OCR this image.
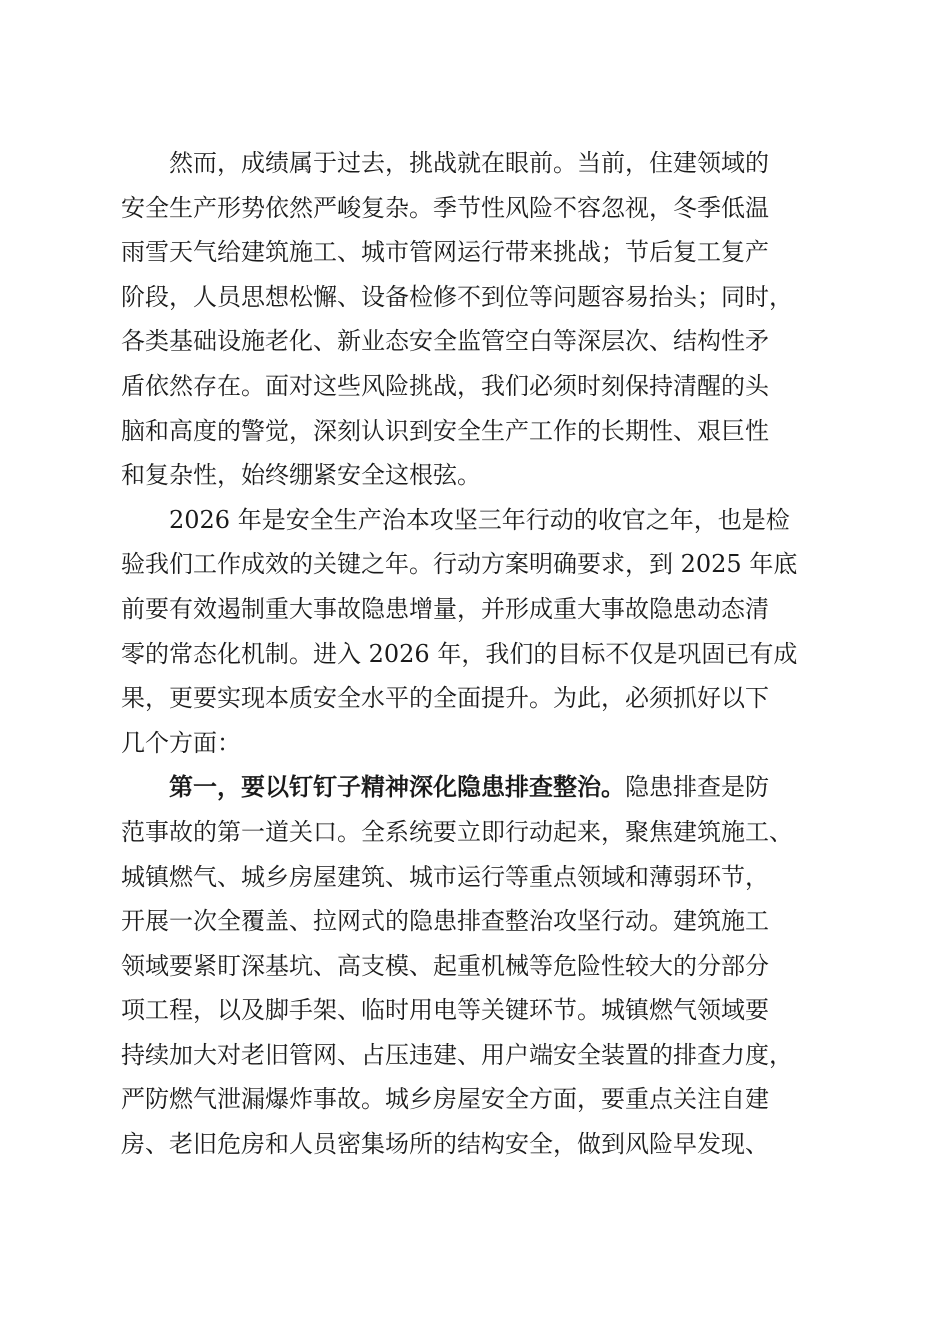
　　然而，成绩属于过去，挑战就在眼前。当前，住建领域的
安全生产形势依然严峻复杂。季节性风险不容忽视，冬季低温
雨雪天气给建筑施工、城市管网运行带来挑战；节后复工复产
阶段，人员思想松懈、设备检修不到位等问题容易抬头；同时，
各类基础设施老化、新业态安全监管空白等深层次、结构性矛
盾依然存在。面对这些风险挑战，我们必须时刻保持清醒的头
脑和高度的警觉，深刻认识到安全生产工作的长期性、艰巨性
和复杂性，始终绷紧安全这根弦。
　　2026 年是安全生产治本攻坚三年行动的收官之年，也是检
验我们工作成效的关键之年。行动方案明确要求，到 2025 年底
前要有效遏制重大事故隐患增量，并形成重大事故隐患动态清
零的常态化机制。进入 2026 年，我们的目标不仅是巩固已有成
果，更要实现本质安全水平的全面提升。为此，必须抓好以下
几个方面：
　　第一，要以钉钉子精神深化隐患排查整治。隐患排查是防
范事故的第一道关口。全系统要立即行动起来，聚焦建筑施工、
城镇燃气、城乡房屋建筑、城市运行等重点领域和薄弱环节，
开展一次全覆盖、拉网式的隐患排查整治攻坚行动。建筑施工
领域要紧盯深基坑、高支模、起重机械等危险性较大的分部分
项工程，以及脚手架、临时用电等关键环节。城镇燃气领域要
持续加大对老旧管网、占压违建、用户端安全装置的排查力度，
严防燃气泄漏爆炸事故。城乡房屋安全方面，要重点关注自建
房、老旧危房和人员密集场所的结构安全，做到风险早发现、
